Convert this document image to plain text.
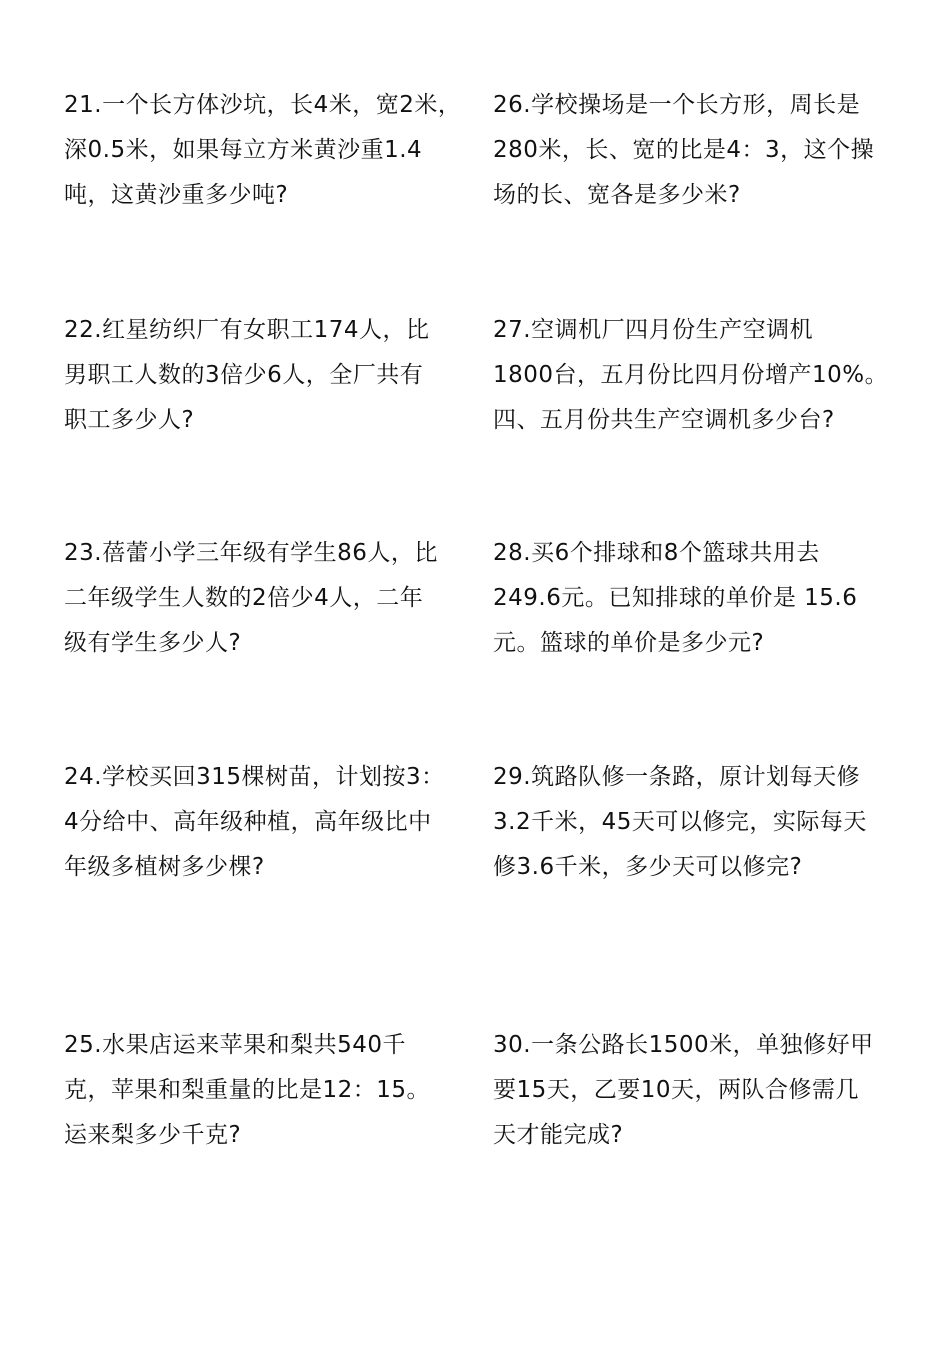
21.一个长方体沙坑，长4米，宽2米，
深0.5米，如果每立方米黄沙重1.4
吨，这黄沙重多少吨?
22.红星纺织厂有女职工174人，比
男职工人数的3倍少6人，全厂共有
职工多少人?
23.蓓蕾小学三年级有学生86人，比
二年级学生人数的2倍少4人，二年
级有学生多少人?
24.学校买回315棵树苗，计划按3：
4分给中、高年级种植，高年级比中
年级多植树多少棵?
25.水果店运来苹果和梨共540千
克，苹果和梨重量的比是12：15。
运来梨多少千克?
26.学校操场是一个长方形，周长是
280米，长、宽的比是4：3，这个操
场的长、宽各是多少米?
27.空调机厂四月份生产空调机
1800台，五月份比四月份增产10%。
四、五月份共生产空调机多少台?
28.买6个排球和8个篮球共用去
249.6元。已知排球的单价是 15.6
元。篮球的单价是多少元?
29.筑路队修一条路，原计划每天修
3.2千米，45天可以修完，实际每天
修3.6千米，多少天可以修完?
30.一条公路长1500米，单独修好甲
要15天，乙要10天，两队合修需几
天才能完成?
